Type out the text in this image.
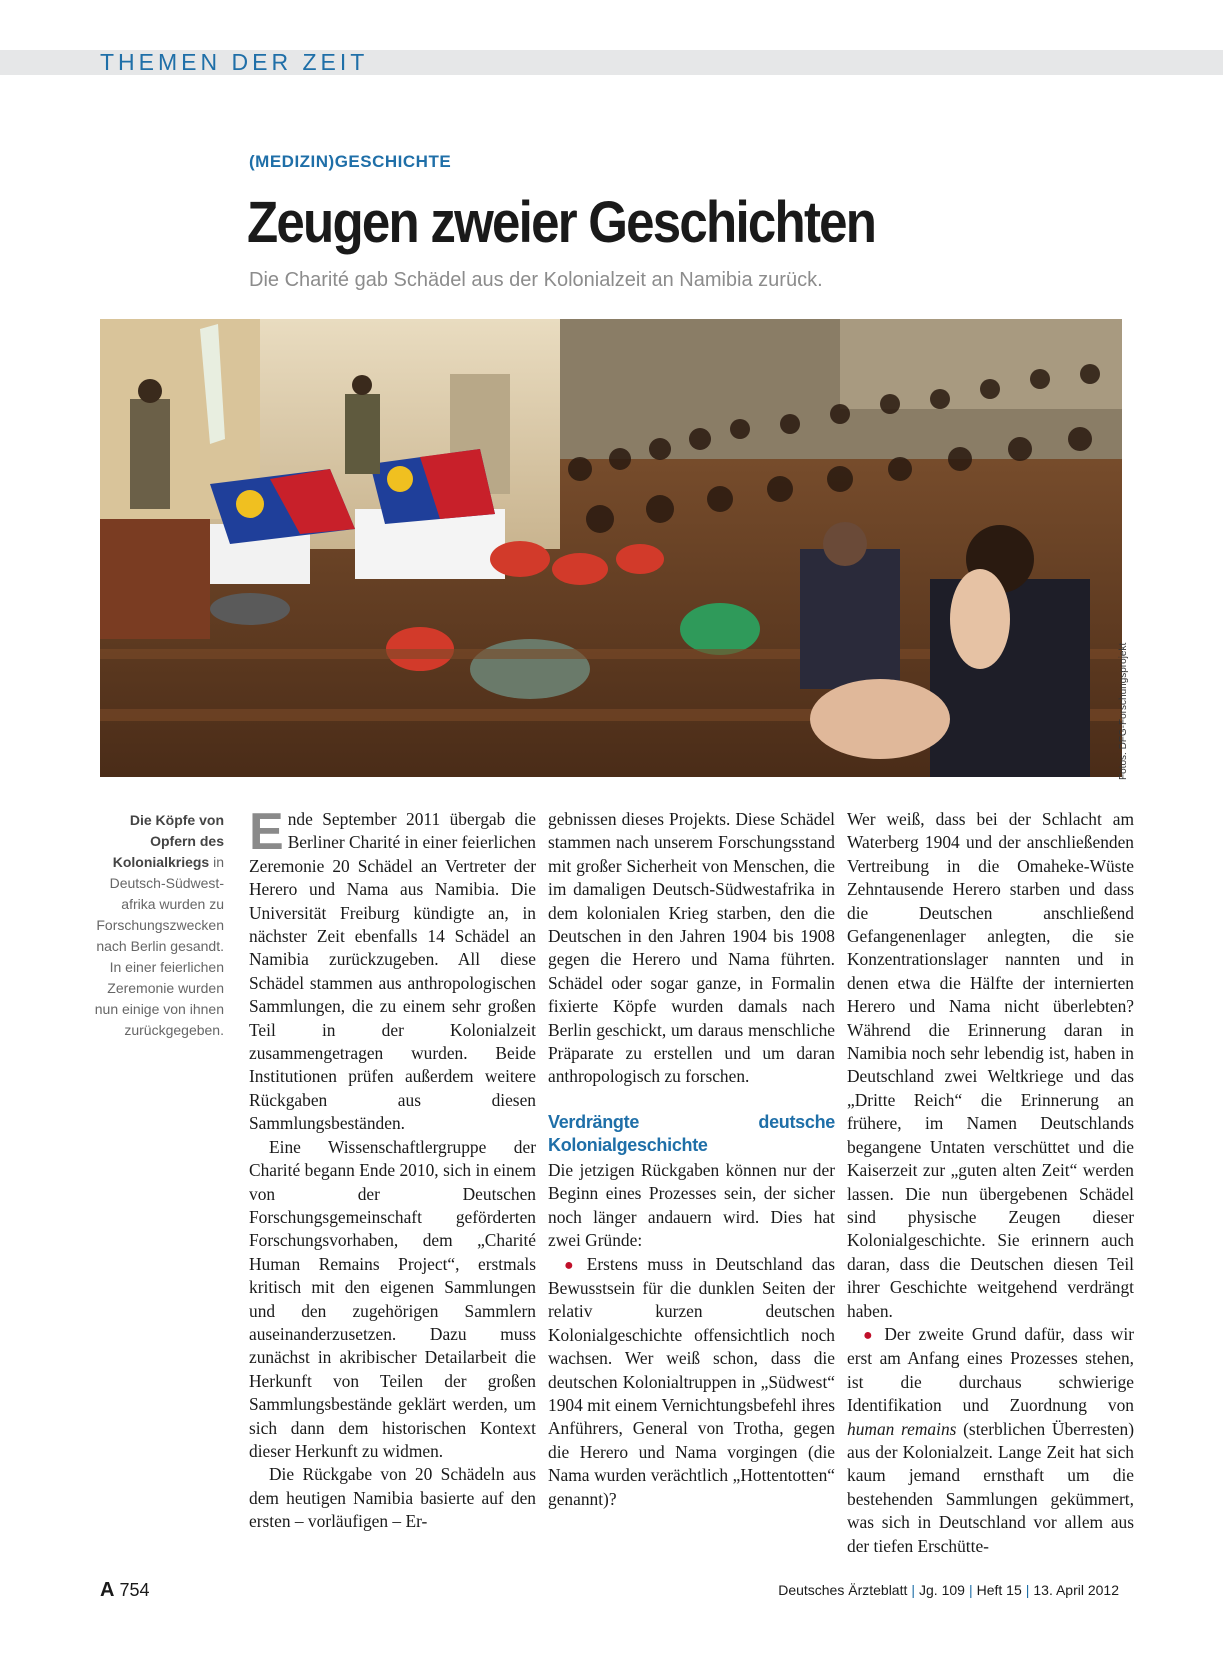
THEMEN DER ZEIT
(MEDIZIN)GESCHICHTE
Zeugen zweier Geschichten
Die Charité gab Schädel aus der Kolonialzeit an Namibia zurück.
Fotos: DFG-Forschungsprojekt
Die Köpfe von Opfern des Kolonialkriegs in Deutsch-Südwest-afrika wurden zu Forschungszwecken nach Berlin gesandt. In einer feierlichen Zeremonie wurden nun einige von ihnen zurückgegeben.

Ende September 2011 übergab die Berliner Charité in einer feierlichen Zeremonie 20 Schädel an Vertreter der Herero und Nama aus Namibia. Die Universität Freiburg kündigte an, in nächster Zeit ebenfalls 14 Schädel an Namibia zurückzugeben. All diese Schädel stammen aus anthropologischen Sammlungen, die zu einem sehr großen Teil in der Kolonialzeit zusammengetragen wurden. Beide Institutionen prüfen außerdem weitere Rückgaben aus diesen Sammlungsbeständen.

Eine Wissenschaftlergruppe der Charité begann Ende 2010, sich in einem von der Deutschen Forschungsgemeinschaft geförderten Forschungsvorhaben, dem „Charité Human Remains Project“, erstmals kritisch mit den eigenen Sammlungen und den zugehörigen Sammlern auseinanderzusetzen. Dazu muss zunächst in akribischer Detailarbeit die Herkunft von Teilen der großen Sammlungsbestände geklärt werden, um sich dann dem historischen Kontext dieser Herkunft zu widmen.

Die Rückgabe von 20 Schädeln aus dem heutigen Namibia basierte auf den ersten – vorläufigen – Er-

gebnissen dieses Projekts. Diese Schädel stammen nach unserem Forschungsstand mit großer Sicherheit von Menschen, die im damaligen Deutsch-Südwestafrika in dem kolonialen Krieg starben, den die Deutschen in den Jahren 1904 bis 1908 gegen die Herero und Nama führten. Schädel oder sogar ganze, in Formalin fixierte Köpfe wurden damals nach Berlin geschickt, um daraus menschliche Präparate zu erstellen und um daran anthropologisch zu forschen.

Verdrängte deutsche Kolonialgeschichte

Die jetzigen Rückgaben können nur der Beginn eines Prozesses sein, der sicher noch länger andauern wird. Dies hat zwei Gründe:

● Erstens muss in Deutschland das Bewusstsein für die dunklen Seiten der relativ kurzen deutschen Kolonialgeschichte offensichtlich noch wachsen. Wer weiß schon, dass die deutschen Kolonialtruppen in „Südwest“ 1904 mit einem Vernichtungsbefehl ihres Anführers, General von Trotha, gegen die Herero und Nama vorgingen (die Nama wurden verächtlich „Hottentotten“ genannt)?

Wer weiß, dass bei der Schlacht am Waterberg 1904 und der anschließenden Vertreibung in die Omaheke-Wüste Zehntausende Herero starben und dass die Deutschen anschließend Gefangenenlager anlegten, die sie Konzentrationslager nannten und in denen etwa die Hälfte der internierten Herero und Nama nicht überlebten? Während die Erinnerung daran in Namibia noch sehr lebendig ist, haben in Deutschland zwei Weltkriege und das „Dritte Reich“ die Erinnerung an frühere, im Namen Deutschlands begangene Untaten verschüttet und die Kaiserzeit zur „guten alten Zeit“ werden lassen. Die nun übergebenen Schädel sind physische Zeugen dieser Kolonialgeschichte. Sie erinnern auch daran, dass die Deutschen diesen Teil ihrer Geschichte weitgehend verdrängt haben.

● Der zweite Grund dafür, dass wir erst am Anfang eines Prozesses stehen, ist die durchaus schwierige Identifikation und Zuordnung von human remains (sterblichen Überresten) aus der Kolonialzeit. Lange Zeit hat sich kaum jemand ernsthaft um die bestehenden Sammlungen gekümmert, was sich in Deutschland vor allem aus der tiefen Erschütte-

A 754	Deutsches Ärzteblatt | Jg. 109 | Heft 15 | 13. April 2012
